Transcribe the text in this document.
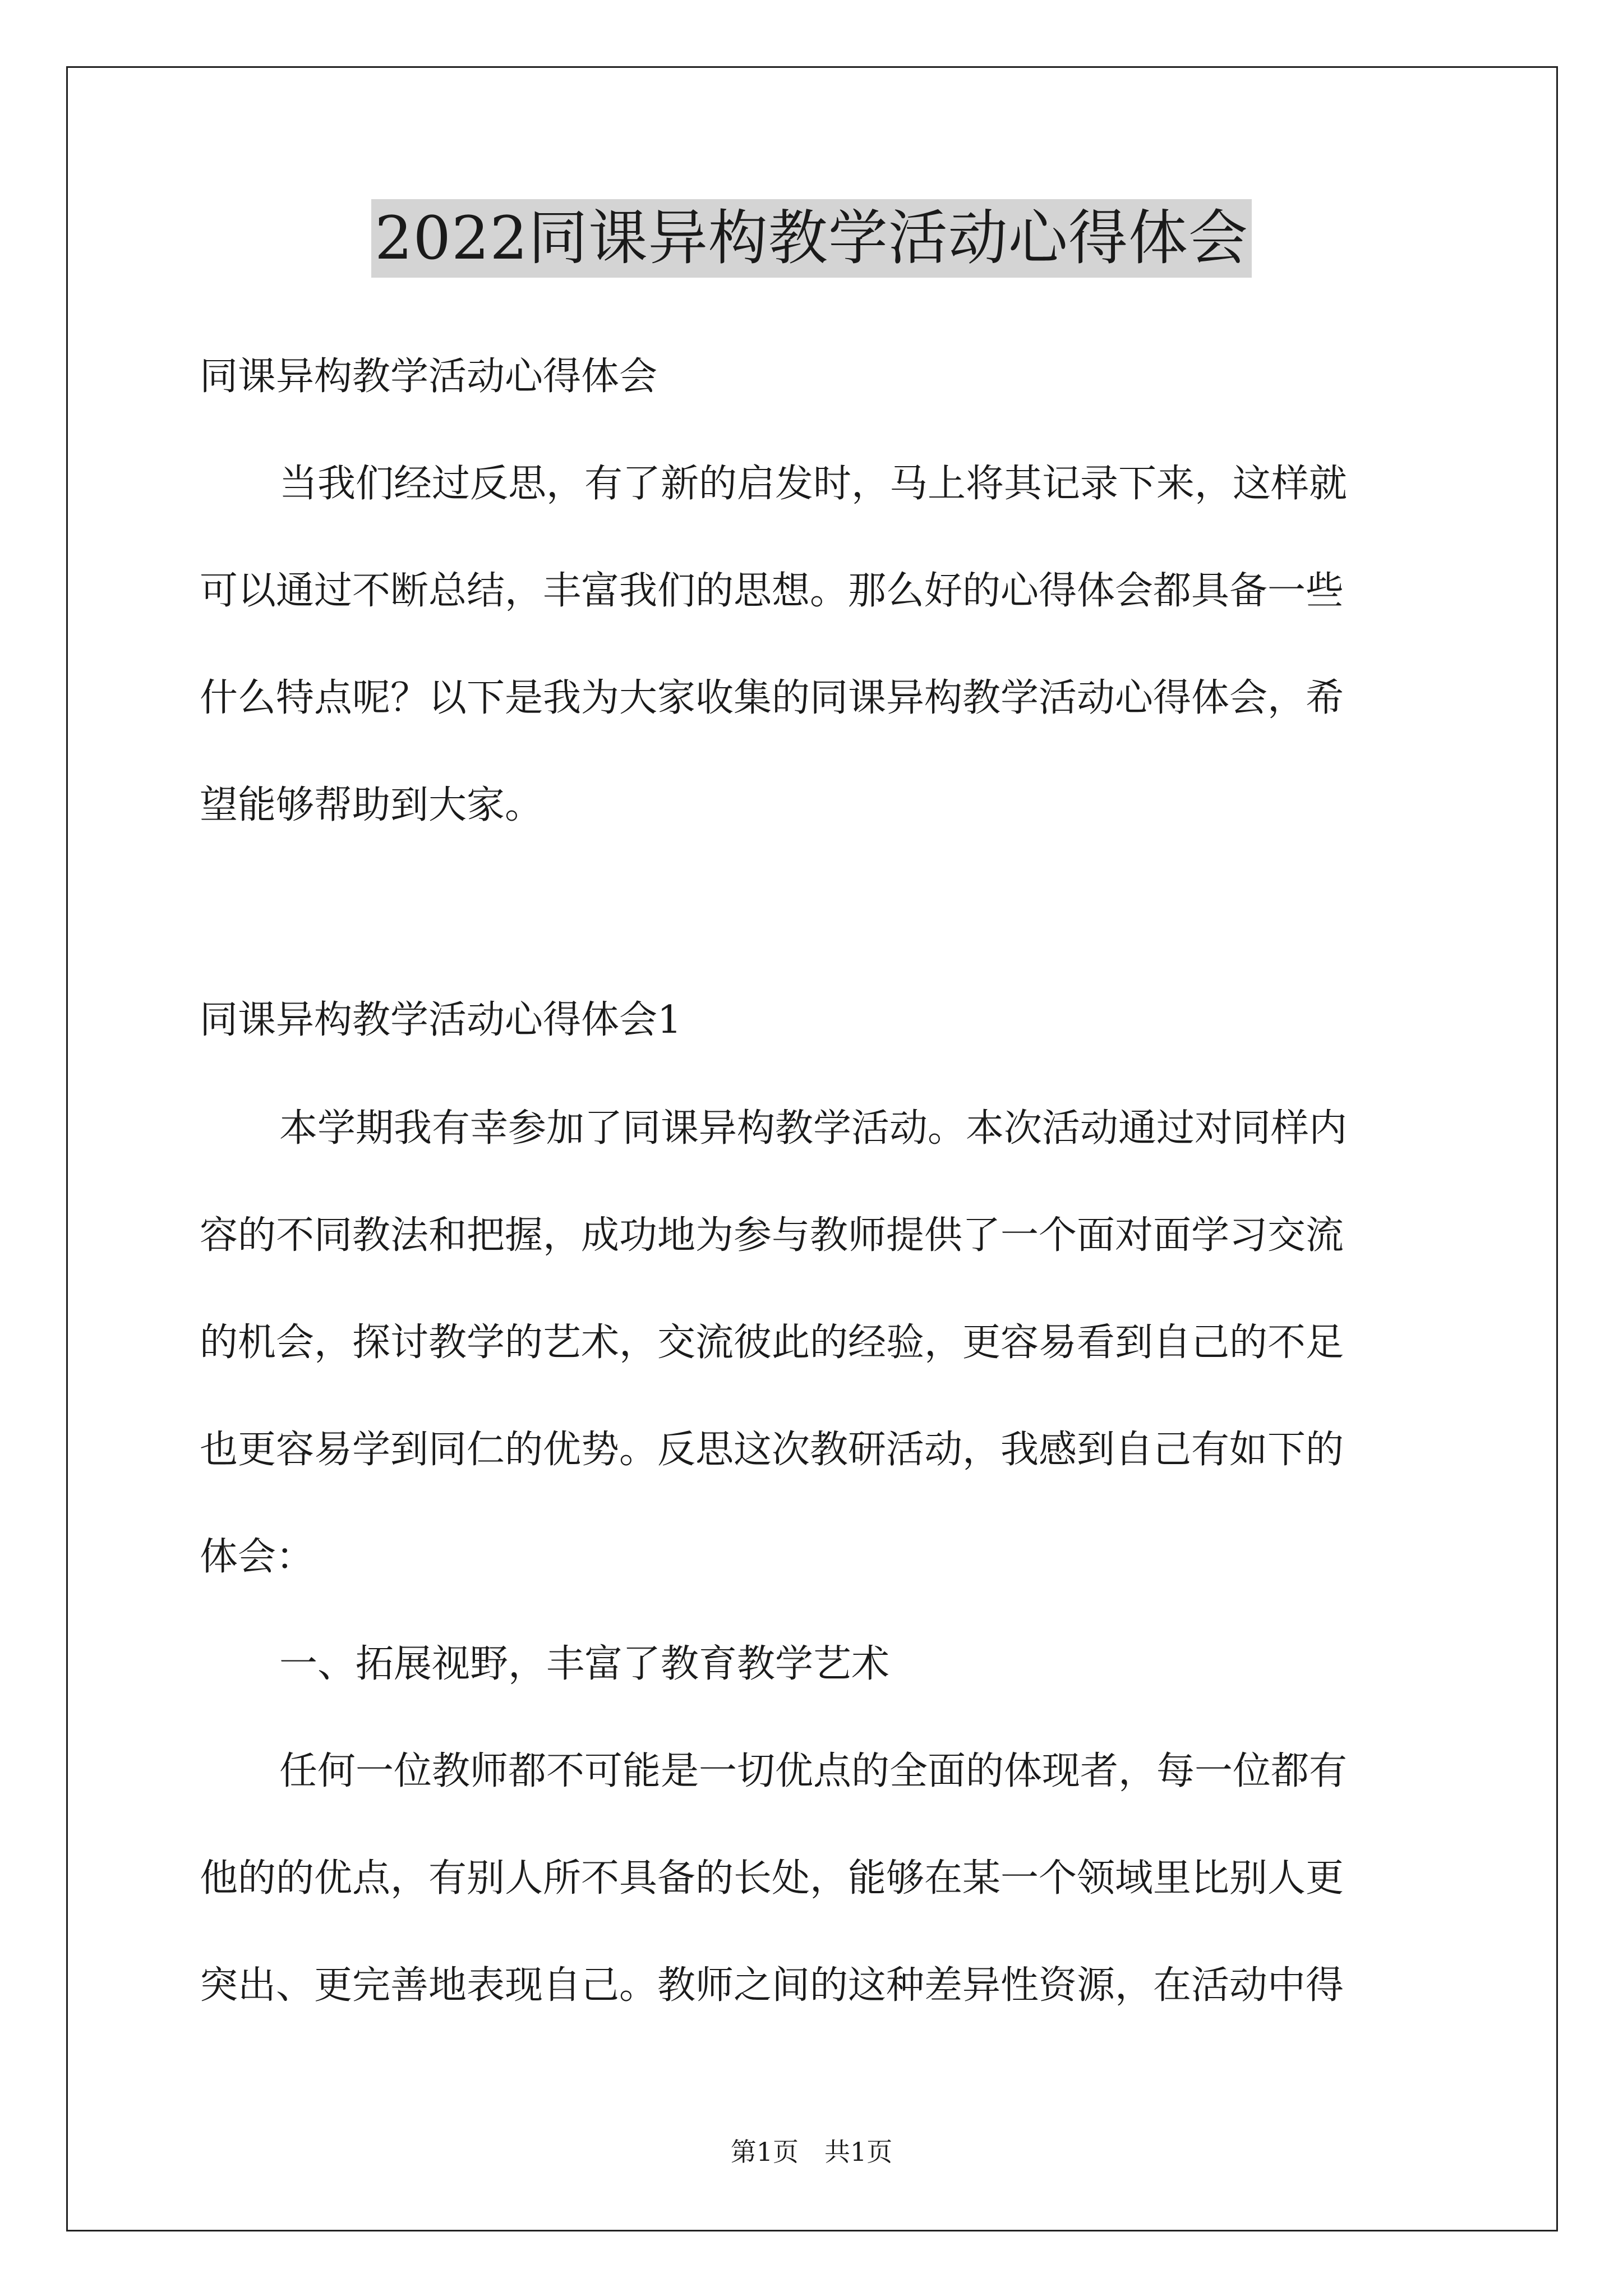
2022同课异构教学活动心得体会

同课异构教学活动心得体会

当我们经过反思，有了新的启发时，马上将其记录下来，这样就

可以通过不断总结，丰富我们的思想。那么好的心得体会都具备一些

什么特点呢？以下是我为大家收集的同课异构教学活动心得体会，希

望能够帮助到大家。

同课异构教学活动心得体会1

本学期我有幸参加了同课异构教学活动。本次活动通过对同样内

容的不同教法和把握，成功地为参与教师提供了一个面对面学习交流

的机会，探讨教学的艺术，交流彼此的经验，更容易看到自己的不足

也更容易学到同仁的优势。反思这次教研活动，我感到自己有如下的

体会：

一、拓展视野，丰富了教育教学艺术

任何一位教师都不可能是一切优点的全面的体现者，每一位都有

他的的优点，有别人所不具备的长处，能够在某一个领域里比别人更

突出、更完善地表现自己。教师之间的这种差异性资源，在活动中得

第1页　共1页
